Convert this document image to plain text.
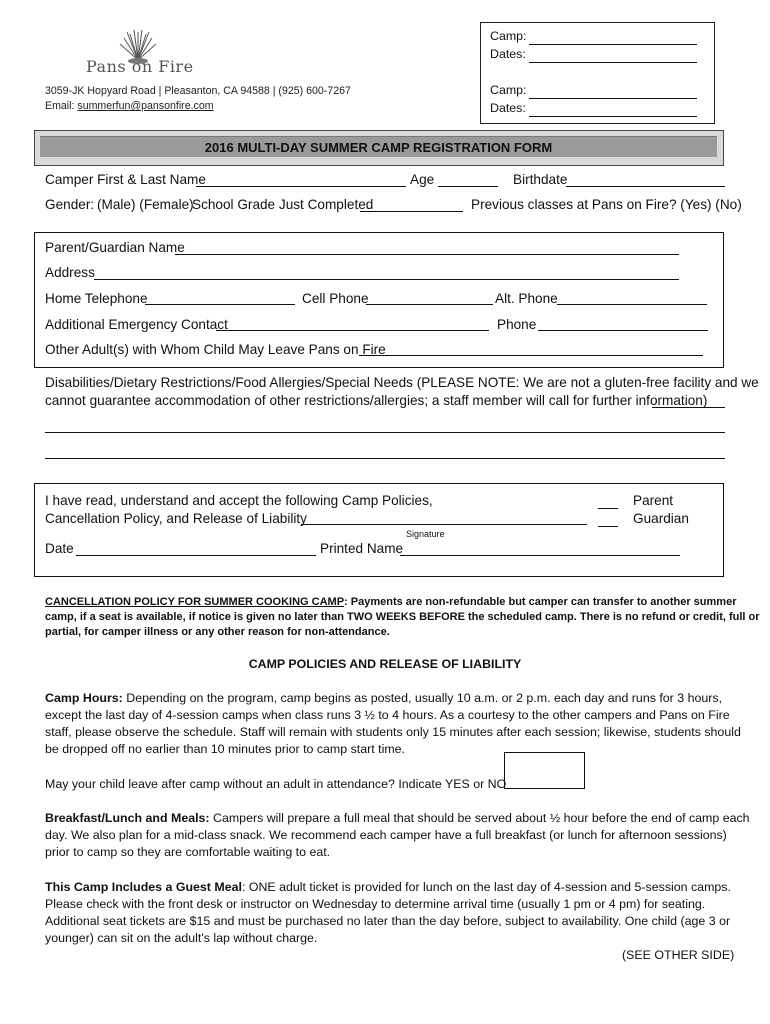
Pans on Fire
3059-JK Hopyard Road | Pleasanton, CA 94588 | (925) 600-7267
Email: summerfun@pansonfire.com
Camp:
Dates:
Camp:
Dates:
2016 MULTI-DAY SUMMER CAMP REGISTRATION FORM
Camper First & Last Name	Age	Birthdate
Gender: (Male) (Female)
School Grade Just Completed	Previous classes at Pans on Fire? (Yes) (No)
Parent/Guardian Name
Address
Home Telephone	Cell Phone	Alt. Phone
Additional Emergency Contact	Phone
Other Adult(s) with Whom Child May Leave Pans on Fire
Disabilities/Dietary Restrictions/Food Allergies/Special Needs (PLEASE NOTE: We are not a gluten-free facility and we
cannot guarantee accommodation of other restrictions/allergies; a staff member will call for further information)
I have read, understand and accept the following Camp Policies,
Cancellation Policy, and Release of Liability
Signature
Parent
Guardian
Date	Printed Name
CANCELLATION POLICY FOR SUMMER COOKING CAMP: Payments are non-refundable but camper can transfer to another summer
camp, if a seat is available, if notice is given no later than TWO WEEKS BEFORE the scheduled camp. There is no refund or credit, full or
partial, for camper illness or any other reason for non-attendance.
CAMP POLICIES AND RELEASE OF LIABILITY
Camp Hours: Depending on the program, camp begins as posted, usually 10 a.m. or 2 p.m. each day and runs for 3 hours,
except the last day of 4-session camps when class runs 3 ½ to 4 hours. As a courtesy to the other campers and Pans on Fire
staff, please observe the schedule. Staff will remain with students only 15 minutes after each session; likewise, students should
be dropped off no earlier than 10 minutes prior to camp start time.
May your child leave after camp without an adult in attendance? Indicate YES or NO
Breakfast/Lunch and Meals: Campers will prepare a full meal that should be served about ½ hour before the end of camp each
day. We also plan for a mid-class snack. We recommend each camper have a full breakfast (or lunch for afternoon sessions)
prior to camp so they are comfortable waiting to eat.
This Camp Includes a Guest Meal: ONE adult ticket is provided for lunch on the last day of 4-session and 5-session camps.
Please check with the front desk or instructor on Wednesday to determine arrival time (usually 1 pm or 4 pm) for seating.
Additional seat tickets are $15 and must be purchased no later than the day before, subject to availability. One child (age 3 or
younger) can sit on the adult's lap without charge.
(SEE OTHER SIDE)
